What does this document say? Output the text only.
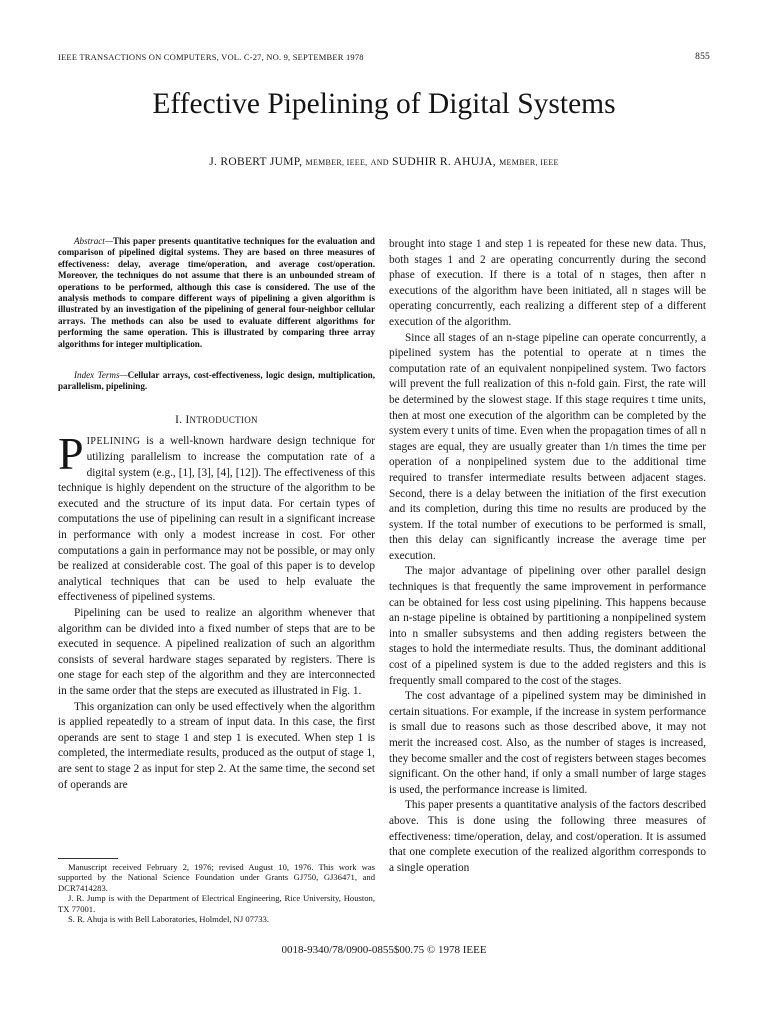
IEEE TRANSACTIONS ON COMPUTERS, VOL. C-27, NO. 9, SEPTEMBER 1978	855
Effective Pipelining of Digital Systems
J. ROBERT JUMP, MEMBER, IEEE, AND SUDHIR R. AHUJA, MEMBER, IEEE

Abstract—This paper presents quantitative techniques for the evaluation and comparison of pipelined digital systems. They are based on three measures of effectiveness: delay, average time/operation, and average cost/operation. Moreover, the techniques do not assume that there is an unbounded stream of operations to be performed, although this case is considered. The use of the analysis methods to compare different ways of pipelining a given algorithm is illustrated by an investigation of the pipelining of general four-neighbor cellular arrays. The methods can also be used to evaluate different algorithms for performing the same operation. This is illustrated by comparing three array algorithms for integer multiplication.

Index Terms—Cellular arrays, cost-effectiveness, logic design, multiplication, parallelism, pipelining.

I. INTRODUCTION

PIPELINING is a well-known hardware design technique for utilizing parallelism to increase the computation rate of a digital system (e.g., [1], [3], [4], [12]). The effectiveness of this technique is highly dependent on the structure of the algorithm to be executed and the structure of its input data. For certain types of computations the use of pipelining can result in a significant increase in performance with only a modest increase in cost. For other computations a gain in performance may not be possible, or may only be realized at considerable cost. The goal of this paper is to develop analytical techniques that can be used to help evaluate the effectiveness of pipelined systems.

Pipelining can be used to realize an algorithm whenever that algorithm can be divided into a fixed number of steps that are to be executed in sequence. A pipelined realization of such an algorithm consists of several hardware stages separated by registers. There is one stage for each step of the algorithm and they are interconnected in the same order that the steps are executed as illustrated in Fig. 1.

This organization can only be used effectively when the algorithm is applied repeatedly to a stream of input data. In this case, the first operands are sent to stage 1 and step 1 is executed. When step 1 is completed, the intermediate results, produced as the output of stage 1, are sent to stage 2 as input for step 2. At the same time, the second set of operands are

brought into stage 1 and step 1 is repeated for these new data. Thus, both stages 1 and 2 are operating concurrently during the second phase of execution. If there is a total of n stages, then after n executions of the algorithm have been initiated, all n stages will be operating concurrently, each realizing a different step of a different execution of the algorithm.

Since all stages of an n-stage pipeline can operate concurrently, a pipelined system has the potential to operate at n times the computation rate of an equivalent nonpipelined system. Two factors will prevent the full realization of this n-fold gain. First, the rate will be determined by the slowest stage. If this stage requires t time units, then at most one execution of the algorithm can be completed by the system every t units of time. Even when the propagation times of all n stages are equal, they are usually greater than 1/n times the time per operation of a nonpipelined system due to the additional time required to transfer intermediate results between adjacent stages. Second, there is a delay between the initiation of the first execution and its completion, during this time no results are produced by the system. If the total number of executions to be performed is small, then this delay can significantly increase the average time per execution.

The major advantage of pipelining over other parallel design techniques is that frequently the same improvement in performance can be obtained for less cost using pipelining. This happens because an n-stage pipeline is obtained by partitioning a nonpipelined system into n smaller subsystems and then adding registers between the stages to hold the intermediate results. Thus, the dominant additional cost of a pipelined system is due to the added registers and this is frequently small compared to the cost of the stages.

The cost advantage of a pipelined system may be diminished in certain situations. For example, if the increase in system performance is small due to reasons such as those described above, it may not merit the increased cost. Also, as the number of stages is increased, they become smaller and the cost of registers between stages becomes significant. On the other hand, if only a small number of large stages is used, the performance increase is limited.

This paper presents a quantitative analysis of the factors described above. This is done using the following three measures of effectiveness: time/operation, delay, and cost/operation. It is assumed that one complete execution of the realized algorithm corresponds to a single operation

Manuscript received February 2, 1976; revised August 10, 1976. This work was supported by the National Science Foundation under Grants GJ750, GJ36471, and DCR7414283.

J. R. Jump is with the Department of Electrical Engineering, Rice University, Houston, TX 77001.

S. R. Ahuja is with Bell Laboratories, Holmdel, NJ 07733.

0018-9340/78/0900-0855$00.75 © 1978 IEEE
